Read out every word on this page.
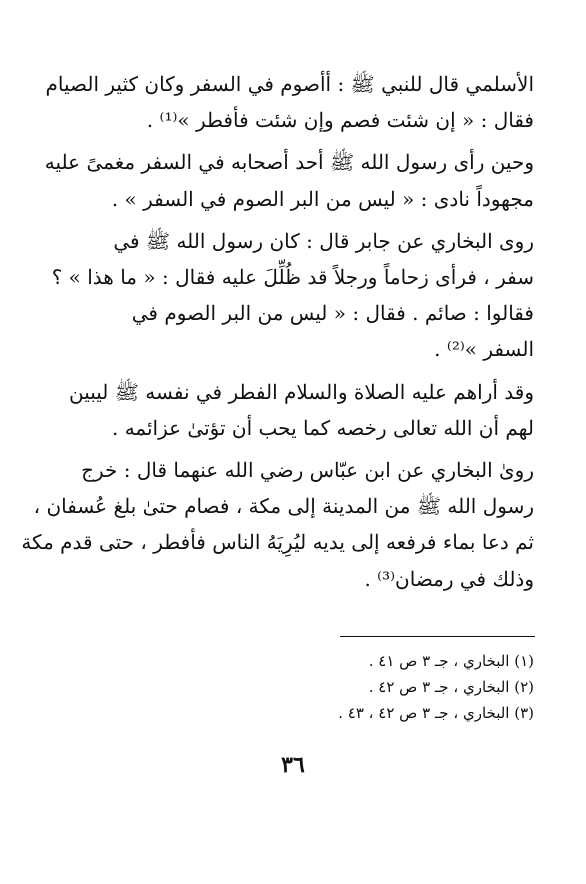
الأسلمي قال للنبي ﷺ : أأصوم في السفر وكان كثير الصيام
فقال : « إن شئت فصم وإن شئت فأفطر »⁽¹⁾ .

وحين رأى رسول الله ﷺ أحد أصحابه في السفر مغمىً عليه
مجهوداً نادى : « ليس من البر الصوم في السفر » .

روى البخاري عن جابر قال : كان رسول الله ﷺ في
سفر ، فرأى زحاماً ورجلاً قد ظُلِّلَ عليه فقال : « ما هذا » ؟
فقالوا : صائم . فقال : « ليس من البر الصوم في
السفر »⁽²⁾ .

وقد أراهم عليه الصلاة والسلام الفطر في نفسه ﷺ ليبين
لهم أن الله تعالى رخصه كما يحب أن تؤتىٰ عزائمه .

روىٰ البخاري عن ابن عبّاس رضي الله عنهما قال : خرج
رسول الله ﷺ من المدينة إلى مكة ، فصام حتىٰ بلغ عُسفان ،
ثم دعا بماء فرفعه إلى يديه ليُرِيَهُ الناس فأفطر ، حتى قدم مكة
وذلك في رمضان⁽³⁾ .

(١) البخاري ، جـ ٣ ص ٤١ .
(٢) البخاري ، جـ ٣ ص ٤٢ .
(٣) البخاري ، جـ ٣ ص ٤٢ ، ٤٣ .
٣٦
